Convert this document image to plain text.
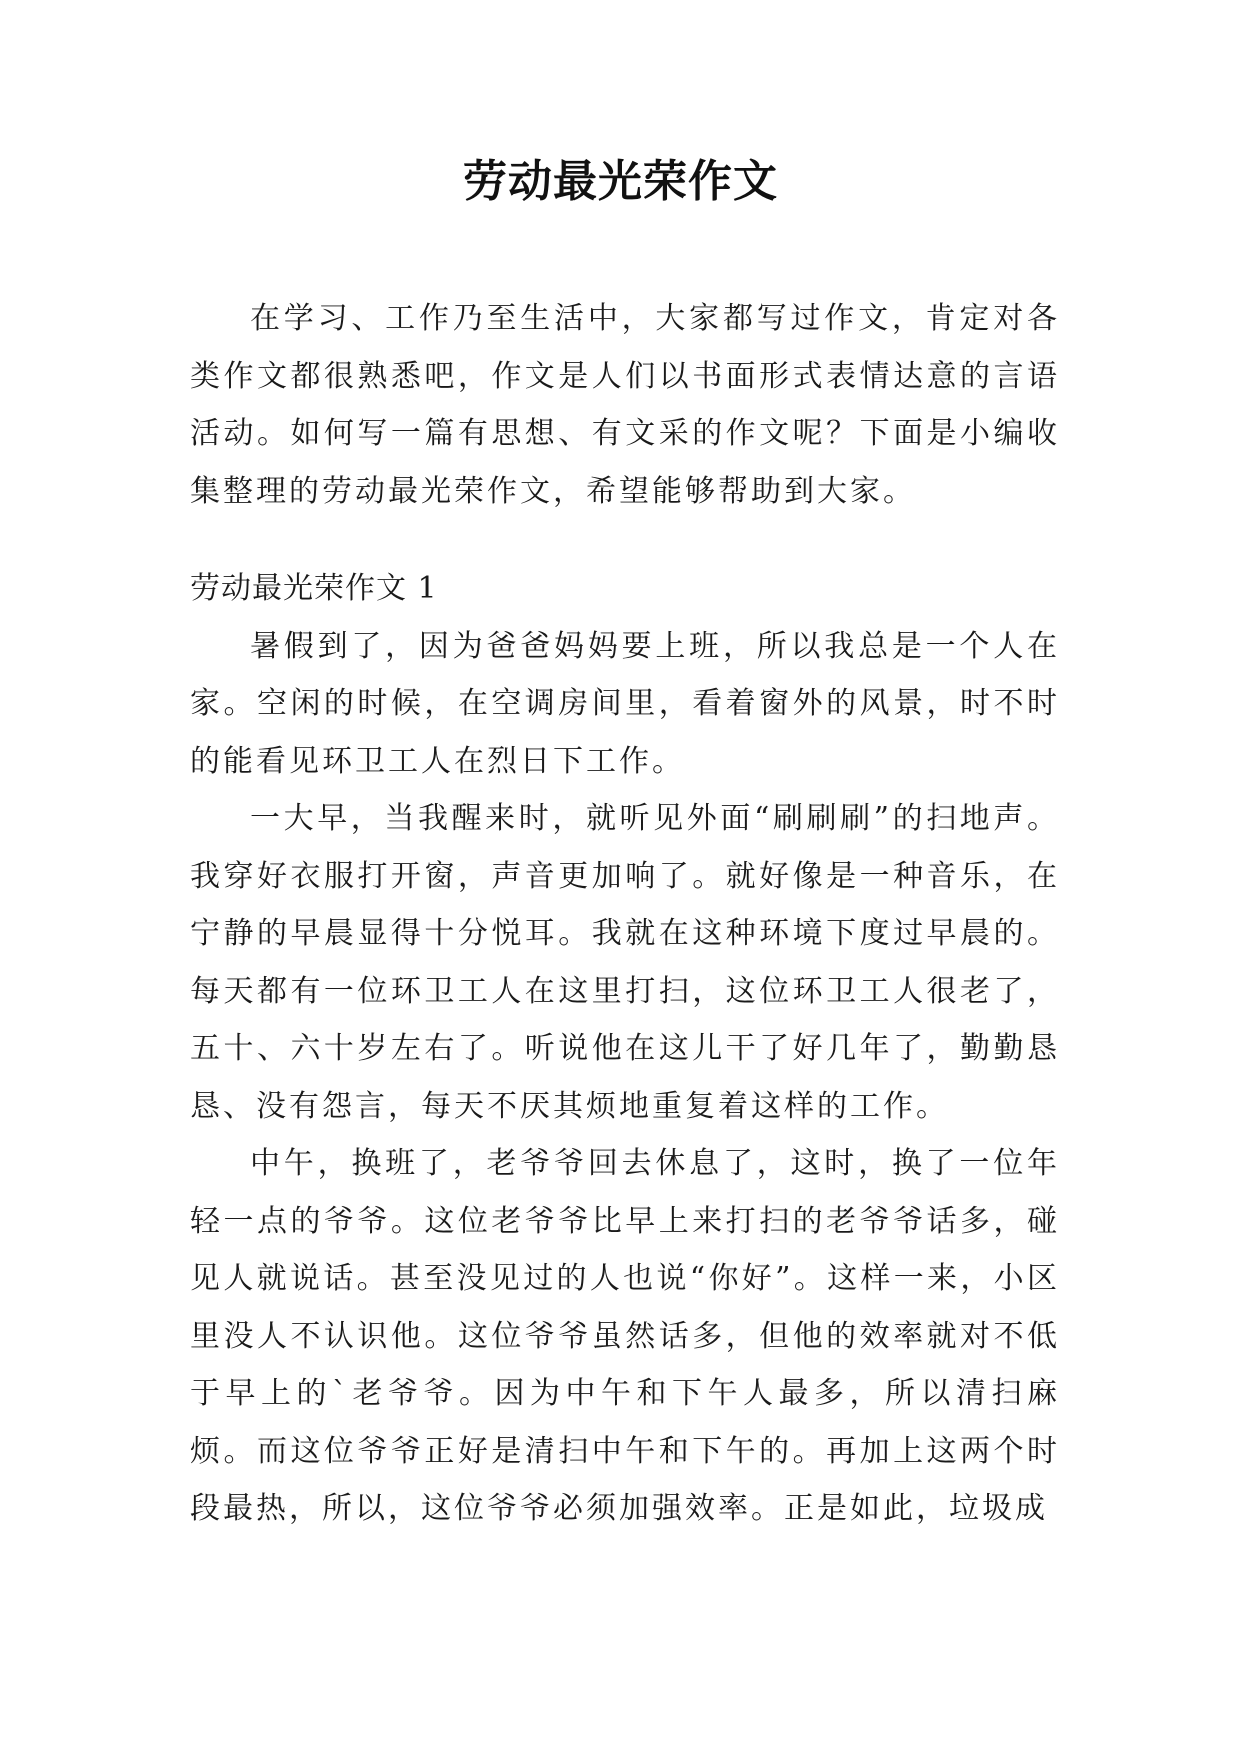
劳动最光荣作文

在学习、工作乃至生活中，大家都写过作文，肯定对各类作文都很熟悉吧，作文是人们以书面形式表情达意的言语活动。如何写一篇有思想、有文采的作文呢？下面是小编收集整理的劳动最光荣作文，希望能够帮助到大家。

劳动最光荣作文 1

暑假到了，因为爸爸妈妈要上班，所以我总是一个人在家。空闲的时候，在空调房间里，看着窗外的风景，时不时的能看见环卫工人在烈日下工作。

一大早，当我醒来时，就听见外面“刷刷刷”的扫地声。我穿好衣服打开窗，声音更加响了。就好像是一种音乐，在宁静的早晨显得十分悦耳。我就在这种环境下度过早晨的。每天都有一位环卫工人在这里打扫，这位环卫工人很老了，五十、六十岁左右了。听说他在这儿干了好几年了，勤勤恳恳、没有怨言，每天不厌其烦地重复着这样的工作。

中午，换班了，老爷爷回去休息了，这时，换了一位年轻一点的爷爷。这位老爷爷比早上来打扫的老爷爷话多，碰见人就说话。甚至没见过的人也说“你好”。这样一来，小区里没人不认识他。这位爷爷虽然话多，但他的效率就对不低于早上的`老爷爷。因为中午和下午人最多，所以清扫麻烦。而这位爷爷正好是清扫中午和下午的。再加上这两个时段最热，所以，这位爷爷必须加强效率。正是如此，垃圾成
